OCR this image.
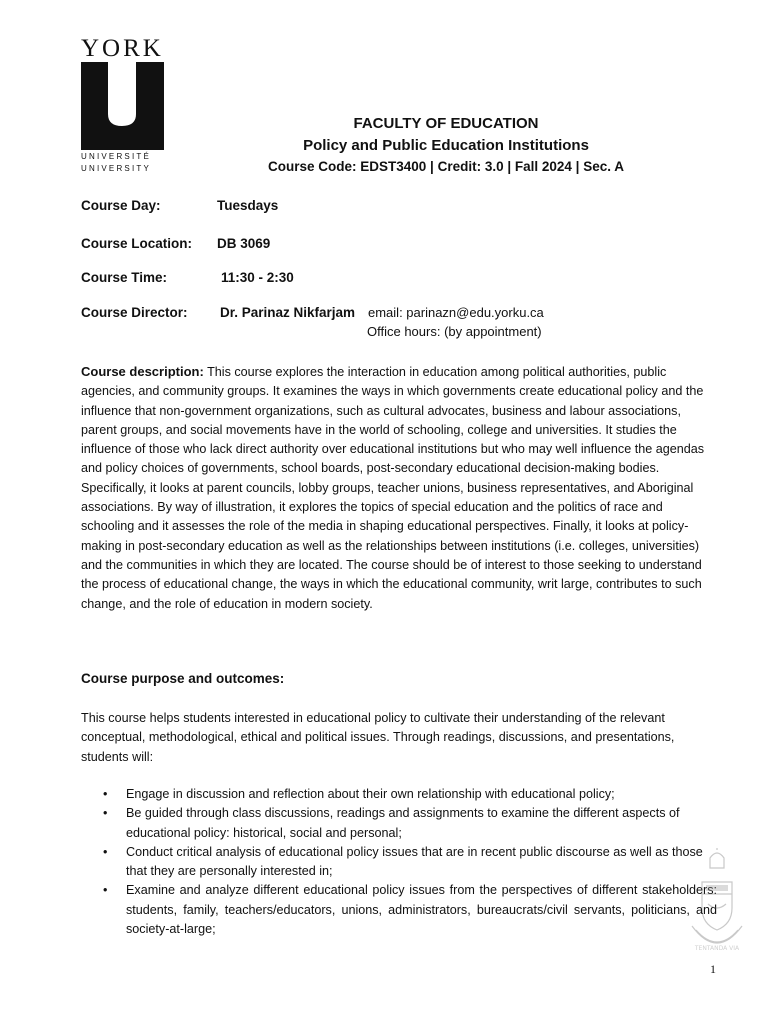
YORK
UNIVERSITÉ
UNIVERSITY
FACULTY OF EDUCATION
Policy and Public Education Institutions
Course Code: EDST3400 | Credit: 3.0 | Fall 2024 | Sec. A
Course Day:	Tuesdays
Course Location: DB 3069
Course Time:	11:30 - 2:30
Course Director: Dr. Parinaz Nikfarjam email: parinazn@edu.yorku.ca
Office hours: (by appointment)
Course description: This course explores the interaction in education among political authorities, public agencies, and community groups. It examines the ways in which governments create educational policy and the influence that non-government organizations, such as cultural advocates, business and labour associations, parent groups, and social movements have in the world of schooling, college and universities. It studies the influence of those who lack direct authority over educational institutions but who may well influence the agendas and policy choices of governments, school boards, post-secondary educational decision-making bodies. Specifically, it looks at parent councils, lobby groups, teacher unions, business representatives, and Aboriginal associations. By way of illustration, it explores the topics of special education and the politics of race and schooling and it assesses the role of the media in shaping educational perspectives. Finally, it looks at policy-making in post-secondary education as well as the relationships between institutions (i.e. colleges, universities) and the communities in which they are located. The course should be of interest to those seeking to understand the process of educational change, the ways in which the educational community, writ large, contributes to such change, and the role of education in modern society.
Course purpose and outcomes:
This course helps students interested in educational policy to cultivate their understanding of the relevant conceptual, methodological, ethical and political issues. Through readings, discussions, and presentations, students will:
• Engage in discussion and reflection about their own relationship with educational policy;
• Be guided through class discussions, readings and assignments to examine the different aspects of educational policy: historical, social and personal;
• Conduct critical analysis of educational policy issues that are in recent public discourse as well as those that they are personally interested in;
• Examine and analyze different educational policy issues from the perspectives of different stakeholders: students, family, teachers/educators, unions, administrators, bureaucrats/civil servants, politicians, and society-at-large;
TENTANDA VIA
1
